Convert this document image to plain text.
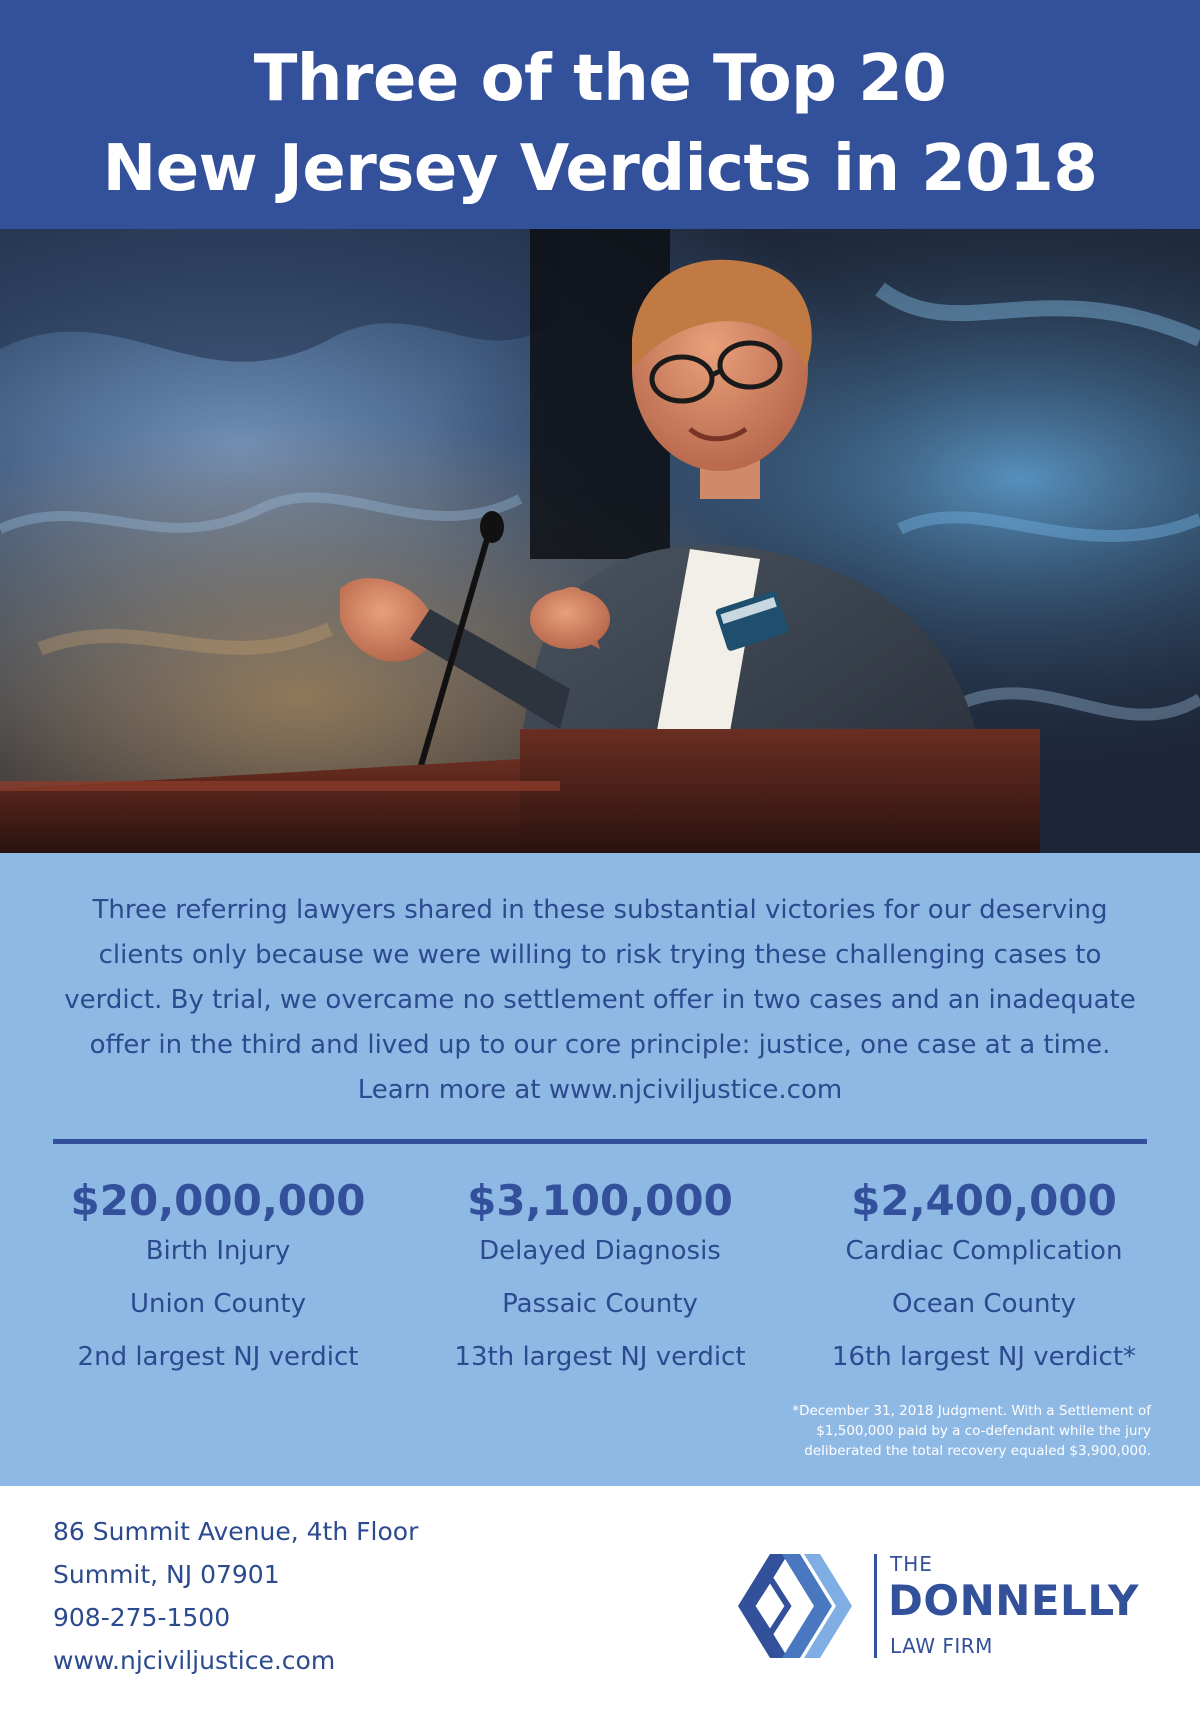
Three of the Top 20
New Jersey Verdicts in 2018
Three referring lawyers shared in these substantial victories for our deserving
clients only because we were willing to risk trying these challenging cases to
verdict. By trial, we overcame no settlement offer in two cases and an inadequate
offer in the third and lived up to our core principle: justice, one case at a time.
Learn more at www.njciviljustice.com
$20,000,000
Birth Injury
Union County
2nd largest NJ verdict
$3,100,000
Delayed Diagnosis
Passaic County
13th largest NJ verdict
$2,400,000
Cardiac Complication
Ocean County
16th largest NJ verdict*
*December 31, 2018 Judgment. With a Settlement of
$1,500,000 paid by a co-defendant while the jury
deliberated the total recovery equaled $3,900,000.
86 Summit Avenue, 4th Floor
Summit, NJ 07901
908-275-1500
www.njciviljustice.com
THE
DONNELLY
LAW FIRM
